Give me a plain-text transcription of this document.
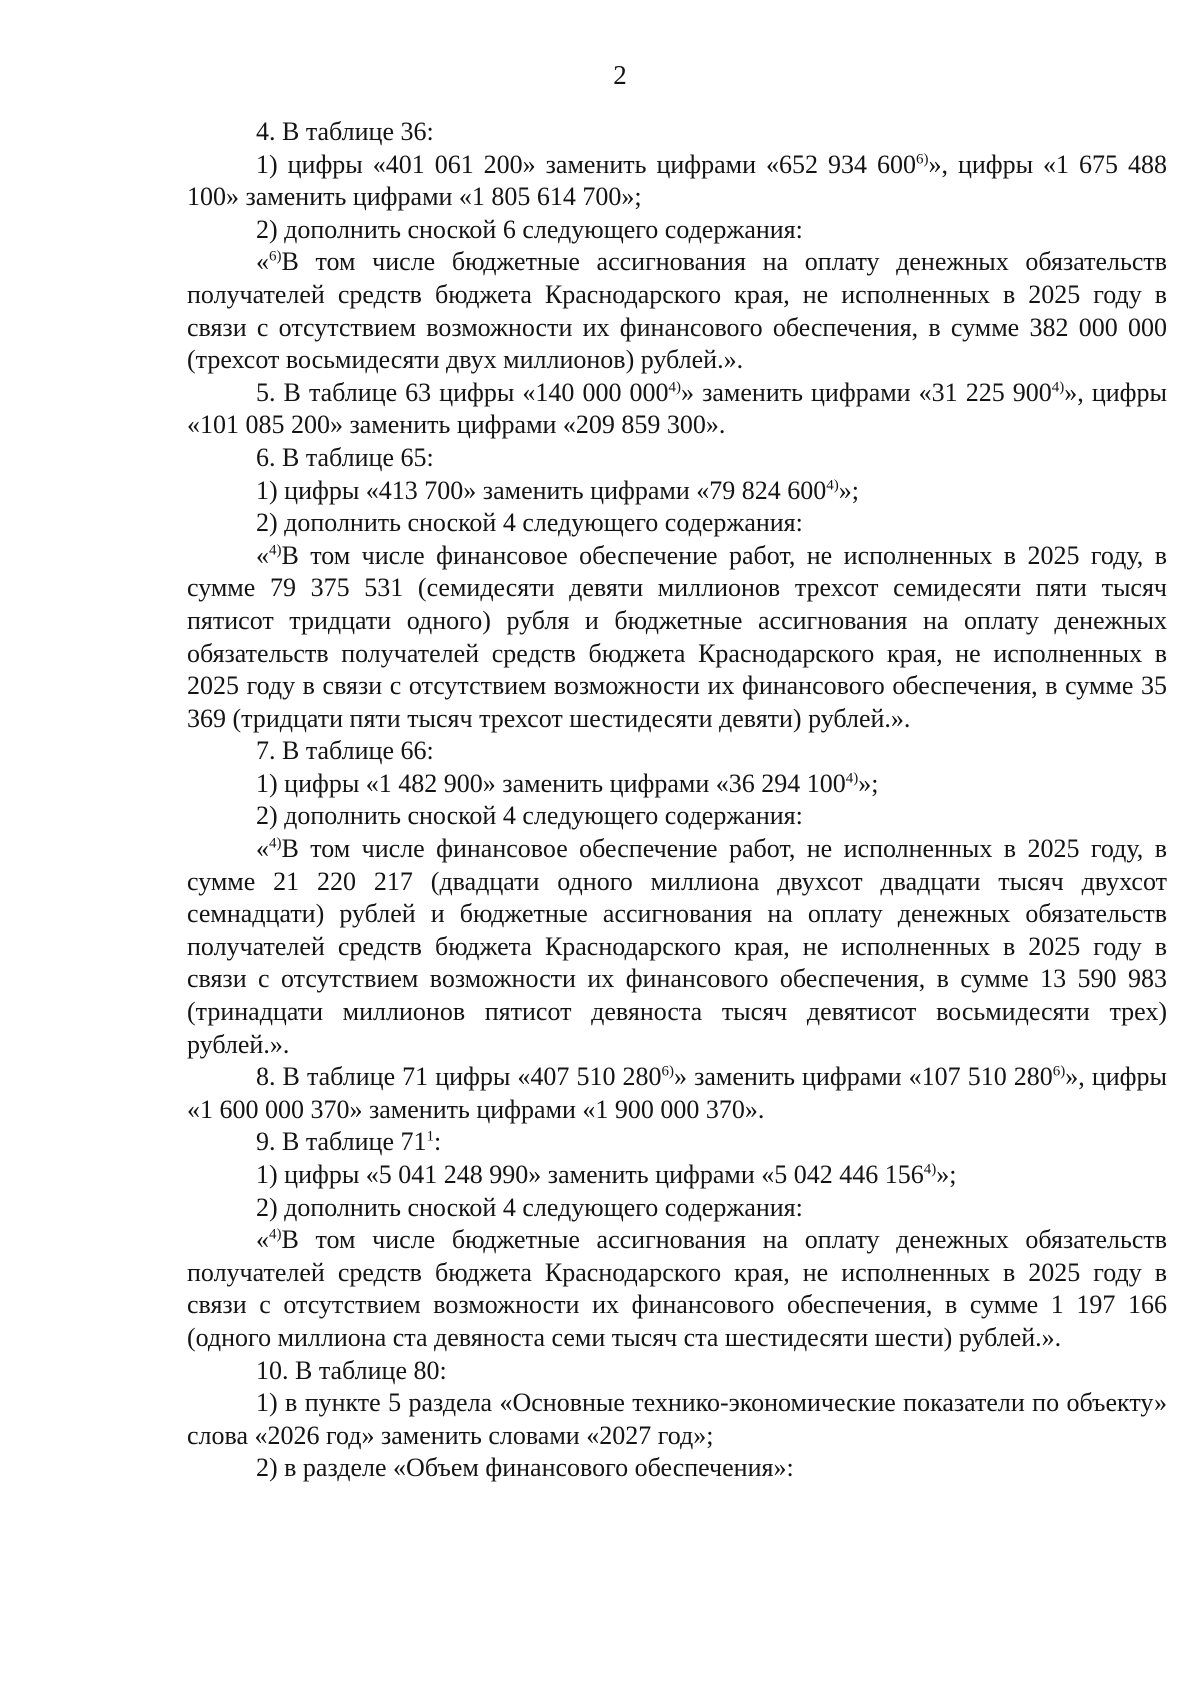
2

4. В таблице 36:

1) цифры «401 061 200» заменить цифрами «652 934 600$^{6)}$», цифры «1 675 488 100» заменить цифрами «1 805 614 700»;

2) дополнить сноской 6 следующего содержания:

«$^{6)}$В том числе бюджетные ассигнования на оплату денежных обязательств получателей средств бюджета Краснодарского края, не исполненных в 2025 году в связи с отсутствием возможности их финансового обеспечения, в сумме 382 000 000 (трехсот восьмидесяти двух миллионов) рублей.».

5. В таблице 63 цифры «140 000 000$^{4)}$» заменить цифрами «31 225 900$^{4)}$», цифры «101 085 200» заменить цифрами «209 859 300».

6. В таблице 65:

1) цифры «413 700» заменить цифрами «79 824 600$^{4)}$»;

2) дополнить сноской 4 следующего содержания:

«$^{4)}$В том числе финансовое обеспечение работ, не исполненных в 2025 году, в сумме 79 375 531 (семидесяти девяти миллионов трехсот семидесяти пяти тысяч пятисот тридцати одного) рубля и бюджетные ассигнования на оплату денежных обязательств получателей средств бюджета Краснодарского края, не исполненных в 2025 году в связи с отсутствием возможности их финансового обеспечения, в сумме 35 369 (тридцати пяти тысяч трехсот шестидесяти девяти) рублей.».

7. В таблице 66:

1) цифры «1 482 900» заменить цифрами «36 294 100$^{4)}$»;

2) дополнить сноской 4 следующего содержания:

«$^{4)}$В том числе финансовое обеспечение работ, не исполненных в 2025 году, в сумме 21 220 217 (двадцати одного миллиона двухсот двадцати тысяч двухсот семнадцати) рублей и бюджетные ассигнования на оплату денежных обязательств получателей средств бюджета Краснодарского края, не исполненных в 2025 году в связи с отсутствием возможности их финансового обеспечения, в сумме 13 590 983 (тринадцати миллионов пятисот девяноста тысяч девятисот восьмидесяти трех) рублей.».

8. В таблице 71 цифры «407 510 280$^{6)}$» заменить цифрами «107 510 280$^{6)}$», цифры «1 600 000 370» заменить цифрами «1 900 000 370».

9. В таблице $71^1$:

1) цифры «5 041 248 990» заменить цифрами «5 042 446 156$^{4)}$»;

2) дополнить сноской 4 следующего содержания:

«$^{4)}$В том числе бюджетные ассигнования на оплату денежных обязательств получателей средств бюджета Краснодарского края, не исполненных в 2025 году в связи с отсутствием возможности их финансового обеспечения, в сумме 1 197 166 (одного миллиона ста девяноста семи тысяч ста шестидесяти шести) рублей.».

10. В таблице 80:

1) в пункте 5 раздела «Основные технико-экономические показатели по объекту» слова «2026 год» заменить словами «2027 год»;

2) в разделе «Объем финансового обеспечения»:
